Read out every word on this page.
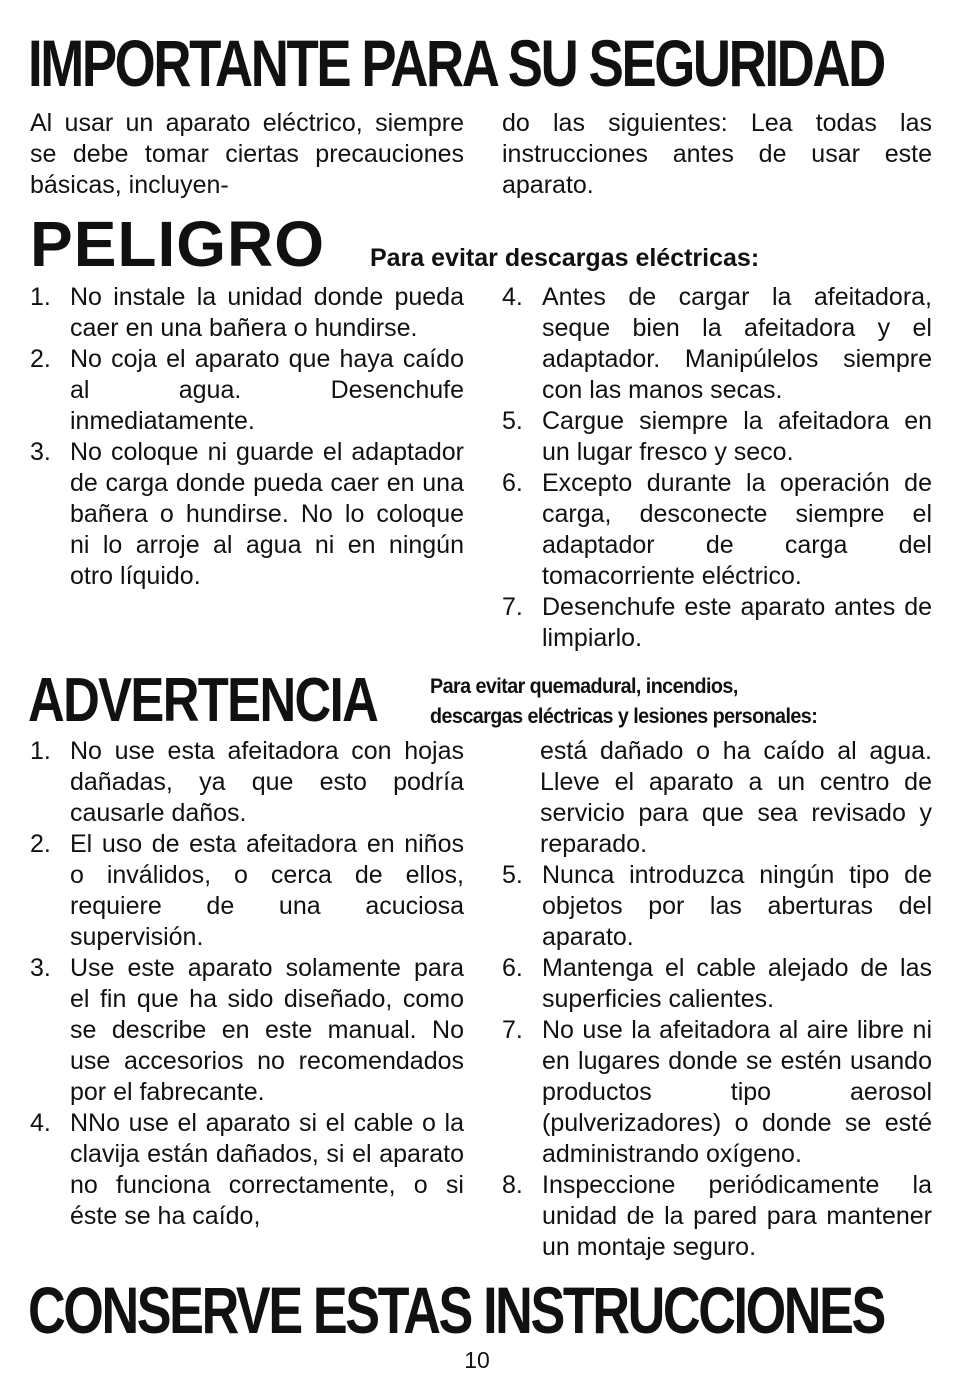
IMPORTANTE PARA SU SEGURIDAD
Al usar un aparato eléctrico, siempre se debe tomar ciertas precauciones básicas, incluyen-
do las siguientes: Lea todas las instrucciones antes de usar este aparato.
PELIGRO Para evitar descargas eléctricas:
1. No instale la unidad donde pueda caer en una bañera o hundirse.
2. No coja el aparato que haya caído al agua. Desenchufe inmediatamente.
3. No coloque ni guarde el adaptador de carga donde pueda caer en una bañera o hundirse. No lo coloque ni lo arroje al agua ni en ningún otro líquido.
4. Antes de cargar la afeitadora, seque bien la afeitadora y el adaptador. Manipúlelos siempre con las manos secas.
5. Cargue siempre la afeitadora en un lugar fresco y seco.
6. Excepto durante la operación de carga, desconecte siempre el adaptador de carga del tomacorriente eléctrico.
7. Desenchufe este aparato antes de limpiarlo.
ADVERTENCIA	Para evitar quemadural, incendios,
descargas eléctricas y lesiones personales:
1. No use esta afeitadora con hojas dañadas, ya que esto podría causarle daños.
2. El uso de esta afeitadora en niños o inválidos, o cerca de ellos, requiere de una acuciosa supervisión.
3. Use este aparato solamente para el fin que ha sido diseñado, como se describe en este manual. No use accesorios no recomendados por el fabrecante.
4. NNo use el aparato si el cable o la clavija están dañados, si el aparato no funciona correctamente, o si éste se ha caído,
está dañado o ha caído al agua. Lleve el aparato a un centro de servicio para que sea revisado y reparado.
5. Nunca introduzca ningún tipo de objetos por las aberturas del aparato.
6. Mantenga el cable alejado de las superficies calientes.
7. No use la afeitadora al aire libre ni en lugares donde se estén usando productos tipo aerosol (pulverizadores) o donde se esté administrando oxígeno.
8. Inspeccione periódicamente la unidad de la pared para mantener un montaje seguro.
CONSERVE ESTAS INSTRUCCIONES
10
